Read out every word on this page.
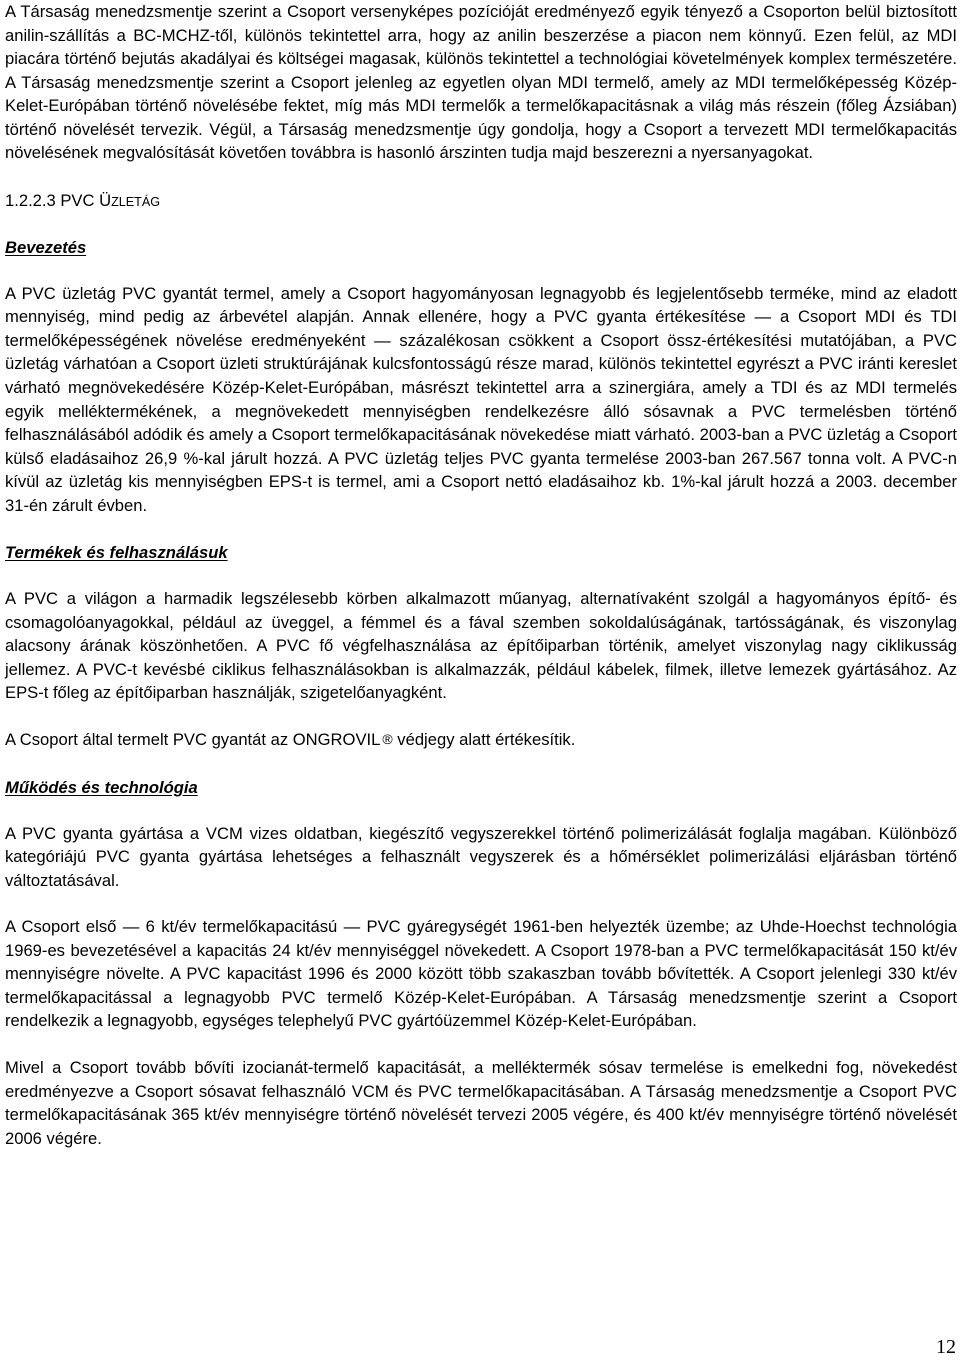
A Társaság menedzsmentje szerint a Csoport versenyképes pozícióját eredményező egyik tényező a Csoporton belül biztosított anilin-szállítás a BC-MCHZ-től, különös tekintettel arra, hogy az anilin beszerzése a piacon nem könnyű. Ezen felül, az MDI piacára történő bejutás akadályai és költségei magasak, különös tekintettel a technológiai követelmények komplex természetére. A Társaság menedzsmentje szerint a Csoport jelenleg az egyetlen olyan MDI termelő, amely az MDI termelőképesség Közép-Kelet-Európában történő növelésébe fektet, míg más MDI termelők a termelőkapacitásnak a világ más részein (főleg Ázsiában) történő növelését tervezik. Végül, a Társaság menedzsmentje úgy gondolja, hogy a Csoport a tervezett MDI termelőkapacitás növelésének megvalósítását követően továbbra is hasonló árszinten tudja majd beszerezni a nyersanyagokat.

1.2.2.3 PVC ÜZLETÁG

Bevezetés

A PVC üzletág PVC gyantát termel, amely a Csoport hagyományosan legnagyobb és legjelentősebb terméke, mind az eladott mennyiség, mind pedig az árbevétel alapján. Annak ellenére, hogy a PVC gyanta értékesítése — a Csoport MDI és TDI termelőképességének növelése eredményeként — százalékosan csökkent a Csoport össz-értékesítési mutatójában, a PVC üzletág várhatóan a Csoport üzleti struktúrájának kulcsfontosságú része marad, különös tekintettel egyrészt a PVC iránti kereslet várható megnövekedésére Közép-Kelet-Európában, másrészt tekintettel arra a szinergiára, amely a TDI és az MDI termelés egyik melléktermékének, a megnövekedett mennyiségben rendelkezésre álló sósavnak a PVC termelésben történő felhasználásából adódik és amely a Csoport termelőkapacitásának növekedése miatt várható. 2003-ban a PVC üzletág a Csoport külső eladásaihoz 26,9 %-kal járult hozzá. A PVC üzletág teljes PVC gyanta termelése 2003-ban 267.567 tonna volt. A PVC-n kívül az üzletág kis mennyiségben EPS-t is termel, ami a Csoport nettó eladásaihoz kb. 1%-kal járult hozzá a 2003. december 31-én zárult évben.

Termékek és felhasználásuk

A PVC a világon a harmadik legszélesebb körben alkalmazott műanyag, alternatívaként szolgál a hagyományos építő- és csomagolóanyagokkal, például az üveggel, a fémmel és a fával szemben sokoldalúságának, tartósságának, és viszonylag alacsony árának köszönhetően. A PVC fő végfelhasználása az építőiparban történik, amelyet viszonylag nagy ciklikusság jellemez. A PVC-t kevésbé ciklikus felhasználásokban is alkalmazzák, például kábelek, filmek, illetve lemezek gyártásához. Az EPS-t főleg az építőiparban használják, szigetelőanyagként.

A Csoport által termelt PVC gyantát az ONGROVIL ® védjegy alatt értékesítik.

Működés és technológia

A PVC gyanta gyártása a VCM vizes oldatban, kiegészítő vegyszerekkel történő polimerizálását foglalja magában. Különböző kategóriájú PVC gyanta gyártása lehetséges a felhasznált vegyszerek és a hőmérséklet polimerizálási eljárásban történő változtatásával.

A Csoport első — 6 kt/év termelőkapacitású — PVC gyáregységét 1961-ben helyezték üzembe; az Uhde-Hoechst technológia 1969-es bevezetésével a kapacitás 24 kt/év mennyiséggel növekedett. A Csoport 1978-ban a PVC termelőkapacitását 150 kt/év mennyiségre növelte. A PVC kapacitást 1996 és 2000 között több szakaszban tovább bővítették. A Csoport jelenlegi 330 kt/év termelőkapacitással a legnagyobb PVC termelő Közép-Kelet-Európában. A Társaság menedzsmentje szerint a Csoport rendelkezik a legnagyobb, egységes telephelyű PVC gyártóüzemmel Közép-Kelet-Európában.

Mivel a Csoport tovább bővíti izocianát-termelő kapacitását, a melléktermék sósav termelése is emelkedni fog, növekedést eredményezve a Csoport sósavat felhasználó VCM és PVC termelőkapacitásában. A Társaság menedzsmentje a Csoport PVC termelőkapacitásának 365 kt/év mennyiségre történő növelését tervezi 2005 végére, és 400 kt/év mennyiségre történő növelését 2006 végére.

12
